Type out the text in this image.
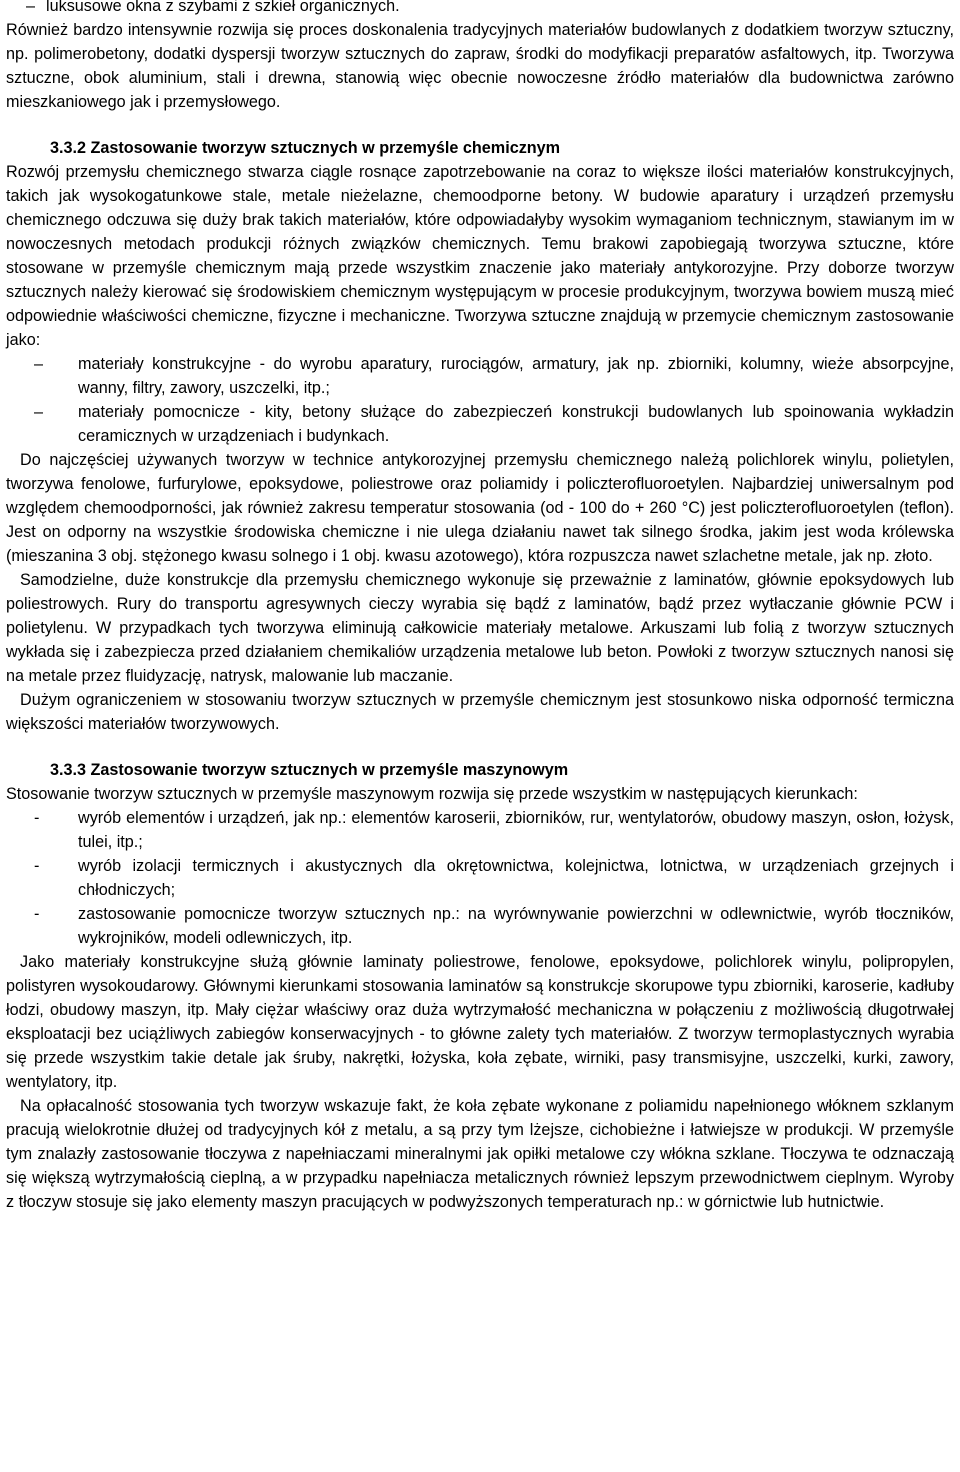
– luksusowe okna z szybami z szkieł organicznych.

Również bardzo intensywnie rozwija się proces doskonalenia tradycyjnych materiałów budowlanych z dodatkiem tworzyw sztuczny, np. polimerobetony, dodatki dyspersji tworzyw sztucznych do zapraw, środki do modyfikacji preparatów asfaltowych, itp. Tworzywa sztuczne, obok aluminium, stali i drewna, stanowią więc obecnie nowoczesne źródło materiałów dla budownictwa zarówno mieszkaniowego jak i przemysłowego.

3.3.2 Zastosowanie tworzyw sztucznych w przemyśle chemicznym

Rozwój przemysłu chemicznego stwarza ciągle rosnące zapotrzebowanie na coraz to większe ilości materiałów konstrukcyjnych, takich jak wysokogatunkowe stale, metale nieżelazne, chemoodporne betony. W budowie aparatury i urządzeń przemysłu chemicznego odczuwa się duży brak takich materiałów, które odpowiadałyby wysokim wymaganiom technicznym, stawianym im w nowoczesnych metodach produkcji różnych związków chemicznych. Temu brakowi zapobiegają tworzywa sztuczne, które stosowane w przemyśle chemicznym mają przede wszystkim znaczenie jako materiały antykorozyjne. Przy doborze tworzyw sztucznych należy kierować się środowiskiem chemicznym występującym w procesie produkcyjnym, tworzywa bowiem muszą mieć odpowiednie właściwości chemiczne, fizyczne i mechaniczne. Tworzywa sztuczne znajdują w przemycie chemicznym zastosowanie jako:

–	materiały konstrukcyjne - do wyrobu aparatury, rurociągów, armatury, jak np. zbiorniki, kolumny, wieże absorpcyjne, wanny, filtry, zawory, uszczelki, itp.;
–	materiały pomocnicze - kity, betony służące do zabezpieczeń konstrukcji budowlanych lub spoinowania wykładzin ceramicznych w urządzeniach i budynkach.

Do najczęściej używanych tworzyw w technice antykorozyjnej przemysłu chemicznego należą polichlorek winylu, polietylen, tworzywa fenolowe, furfurylowe, epoksydowe, poliestrowe oraz poliamidy i policzterofluoroetylen. Najbardziej uniwersalnym pod względem chemoodporności, jak również zakresu temperatur stosowania (od - 100 do + 260 °C) jest policzterofluoroetylen (teflon). Jest on odporny na wszystkie środowiska chemiczne i nie ulega działaniu nawet tak silnego środka, jakim jest woda królewska (mieszanina 3 obj. stężonego kwasu solnego i 1 obj. kwasu azotowego), która rozpuszcza nawet szlachetne metale, jak np. złoto.

Samodzielne, duże konstrukcje dla przemysłu chemicznego wykonuje się przeważnie z laminatów, głównie epoksydowych lub poliestrowych. Rury do transportu agresywnych cieczy wyrabia się bądź z laminatów, bądź przez wytłaczanie głównie PCW i polietylenu. W przypadkach tych tworzywa eliminują całkowicie materiały metalowe. Arkuszami lub folią z tworzyw sztucznych wykłada się i zabezpiecza przed działaniem chemikaliów urządzenia metalowe lub beton. Powłoki z tworzyw sztucznych nanosi się na metale przez fluidyzację, natrysk, malowanie lub maczanie.

Dużym ograniczeniem w stosowaniu tworzyw sztucznych w przemyśle chemicznym jest stosunkowo niska odporność termiczna większości materiałów tworzywowych.

3.3.3 Zastosowanie tworzyw sztucznych w przemyśle maszynowym

Stosowanie tworzyw sztucznych w przemyśle maszynowym rozwija się przede wszystkim w następujących kierunkach:

-	wyrób elementów i urządzeń, jak np.: elementów karoserii, zbiorników, rur, wentylatorów, obudowy maszyn, osłon, łożysk, tulei, itp.;
-	wyrób izolacji termicznych i akustycznych dla okrętownictwa, kolejnictwa, lotnictwa, w urządzeniach grzejnych i chłodniczych;
-	zastosowanie pomocnicze tworzyw sztucznych np.: na wyrównywanie powierzchni w odlewnictwie, wyrób tłoczników, wykrojników, modeli odlewniczych, itp.

Jako materiały konstrukcyjne służą głównie laminaty poliestrowe, fenolowe, epoksydowe, polichlorek winylu, polipropylen, polistyren wysokoudarowy. Głównymi kierunkami stosowania laminatów są konstrukcje skorupowe typu zbiorniki, karoserie, kadłuby łodzi, obudowy maszyn, itp. Mały ciężar właściwy oraz duża wytrzymałość mechaniczna w połączeniu z możliwością długotrwałej eksploatacji bez uciążliwych zabiegów konserwacyjnych - to główne zalety tych materiałów. Z tworzyw termoplastycznych wyrabia się przede wszystkim takie detale jak śruby, nakrętki, łożyska, koła zębate, wirniki, pasy transmisyjne, uszczelki, kurki, zawory, wentylatory, itp.

Na opłacalność stosowania tych tworzyw wskazuje fakt, że koła zębate wykonane z poliamidu napełnionego włóknem szklanym pracują wielokrotnie dłużej od tradycyjnych kół z metalu, a są przy tym lżejsze, cichobieżne i łatwiejsze w produkcji. W przemyśle tym znalazły zastosowanie tłoczywa z napełniaczami mineralnymi jak opiłki metalowe czy włókna szklane. Tłoczywa te odznaczają się większą wytrzymałością cieplną, a w przypadku napełniacza metalicznych również lepszym przewodnictwem cieplnym. Wyroby z tłoczyw stosuje się jako elementy maszyn pracujących w podwyższonych temperaturach np.: w górnictwie lub hutnictwie.
